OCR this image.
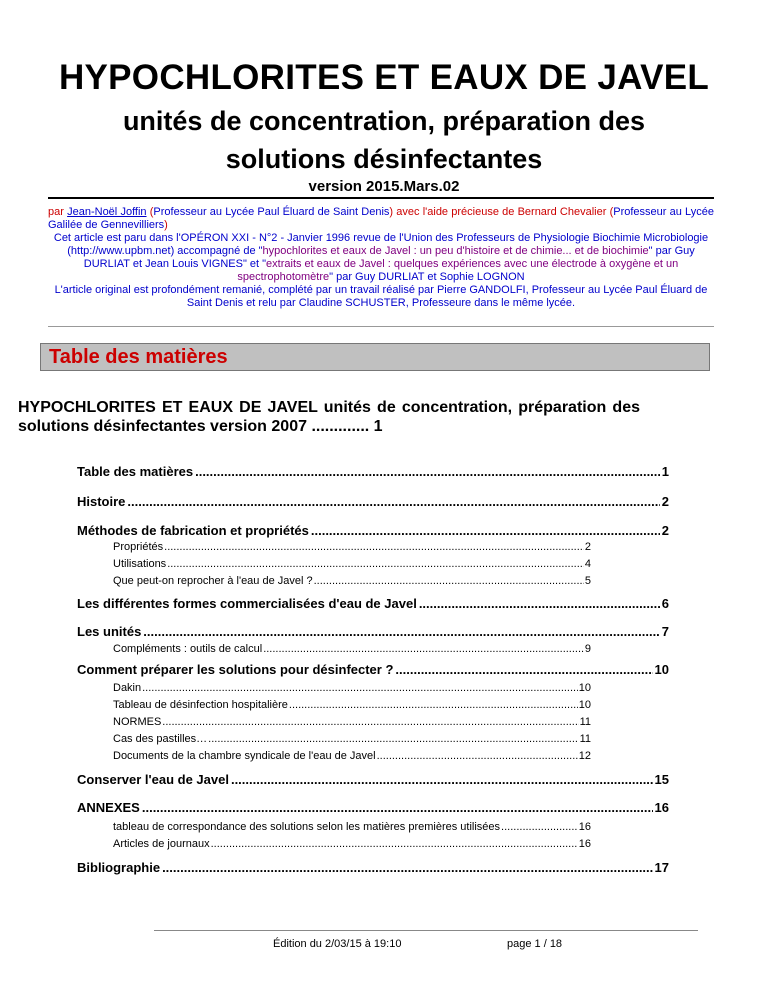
HYPOCHLORITES ET EAUX DE JAVEL
unités de concentration, préparation des
solutions désinfectantes
version 2015.Mars.02

par Jean-Noël Joffin (Professeur au Lycée Paul Éluard de Saint Denis) avec l'aide précieuse de Bernard Chevalier (Professeur au Lycée Galilée de Gennevilliers)

Cet article est paru dans l'OPÉRON XXI - N°2 - Janvier 1996 revue de l'Union des Professeurs de Physiologie Biochimie Microbiologie (http://www.upbm.net) accompagné de "hypochlorites et eaux de Javel : un peu d'histoire et de chimie... et de biochimie" par Guy DURLIAT et Jean Louis VIGNES" et "extraits et eaux de Javel : quelques expériences avec une électrode à oxygène et un spectrophotomètre" par Guy DURLIAT et Sophie LOGNON

L'article original est profondément remanié, complété par un travail réalisé par Pierre GANDOLFI, Professeur au Lycée Paul Éluard de Saint Denis et relu par Claudine SCHUSTER, Professeure dans le même lycée.

Table des matières
HYPOCHLORITES ET EAUX DE JAVEL unités de concentration, préparation des solutions désinfectantes version 2007 ............. 1
Table des matières .....	1
Histoire .....	2
Méthodes de fabrication et propriétés .....	2
Propriétés .....	2
Utilisations .....	4
Que peut-on reprocher à l'eau de Javel ? .....	5
Les différentes formes commercialisées d'eau de Javel .....	6
Les unités .....	7
Compléments : outils de calcul .....	9
Comment préparer les solutions pour désinfecter ? .....	10
Dakin .....	10
Tableau de désinfection hospitalière .....	10
NORMES .....	11
Cas des pastilles… .....	11
Documents de la chambre syndicale de l'eau de Javel .....	12
Conserver l'eau de Javel .....	15
ANNEXES .....	16
tableau de correspondance des solutions selon les matières premières utilisées .....	16
Articles de journaux .....	16
Bibliographie .....	17
Édition du 2/03/15 à 19:10	page 1 / 18
